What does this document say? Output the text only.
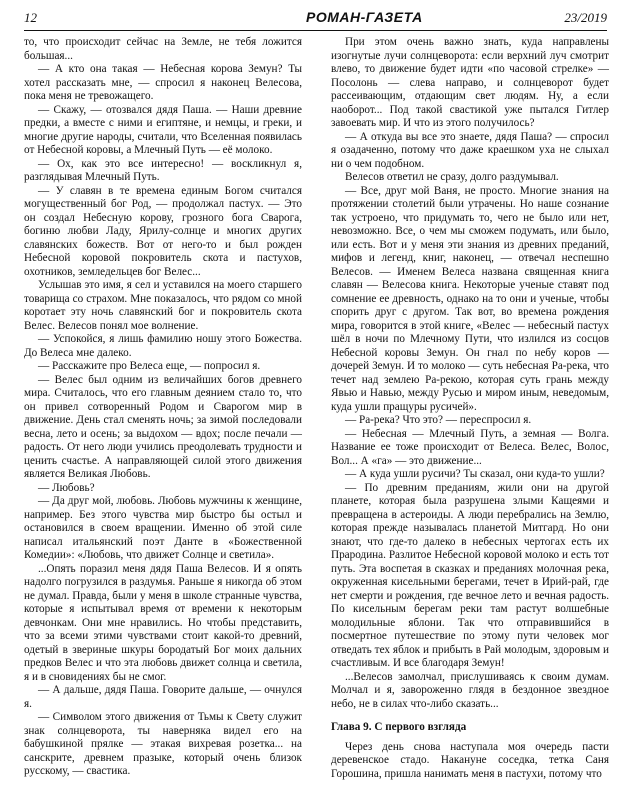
12	РОМАН-ГАЗЕТА	23/2019

то, что происходит сейчас на Земле, не тебя ложится большая...

— А кто она такая — Небесная корова Земун? Ты хотел рассказать мне, — спросил я наконец Велесова, пока меня не тревожащего.

— Скажу, — отозвался дядя Паша. — Наши древние предки, а вместе с ними и египтяне, и немцы, и греки, и многие другие народы, считали, что Вселенная появилась от Небесной коровы, а Млечный Путь — её молоко.

— Ох, как это все интересно! — воскликнул я, разглядывая Млечный Путь.

— У славян в те времена единым Богом считался могущественный бог Род, — продолжал пастух. — Это он создал Небесную корову, грозного бога Сварога, богиню любви Ладу, Ярилу-солнце и многих других славянских божеств. Вот от него-то и был рожден Небесной коровой покровитель скота и пастухов, охотников, земледельцев бог Велес...

Услышав это имя, я сел и уставился на моего старшего товарища со страхом. Мне показалось, что рядом со мной коротает эту ночь славянский бог и покровитель скота Велес. Велесов понял мое волнение.

— Успокойся, я лишь фамилию ношу этого Божества. До Велеса мне далеко.

— Расскажите про Велеса еще, — попросил я.

— Велес был одним из величайших богов древнего мира. Считалось, что его главным деянием стало то, что он привел сотворенный Родом и Сварогом мир в движение. День стал сменять ночь; за зимой последовали весна, лето и осень; за выдохом — вдох; после печали — радость. От него люди учились преодолевать трудности и ценить счастье. А направляющей силой этого движения является Великая Любовь.

— Любовь?

— Да друг мой, любовь. Любовь мужчины к женщине, например. Без этого чувства мир быстро бы остыл и остановился в своем вращении. Именно об этой силе написал итальянский поэт Данте в «Божественной Комедии»: «Любовь, что движет Солнце и светила».

...Опять поразил меня дядя Паша Велесов. И я опять надолго погрузился в раздумья. Раньше я никогда об этом не думал. Правда, были у меня в школе странные чувства, которые я испытывал время от времени к некоторым девчонкам. Они мне нравились. Но чтобы представить, что за всеми этими чувствами стоит какой-то древний, одетый в звериные шкуры бородатый Бог моих дальних предков Велес и что эта любовь движет солнца и светила, я и в сновидениях бы не смог.

— А дальше, дядя Паша. Говорите дальше, — очнулся я.

— Символом этого движения от Тьмы к Свету служит знак солнцеворота, ты наверняка видел его на бабушкиной прялке — этакая вихревая розетка... на санскрите, древнем празыке, который очень близок русскому, — свастика.

При этом очень важно знать, куда направлены изогнутые лучи солнцеворота: если верхний луч смотрит влево, то движение будет идти «по часовой стрелке» — Посолонь — слева направо, и солнцеворот будет рассеивающим, отдающим свет людям. Ну, а если наоборот... Под такой свастикой уже пытался Гитлер завоевать мир. И что из этого получилось?

— А откуда вы все это знаете, дядя Паша? — спросил я озадаченно, потому что даже краешком уха не слыхал ни о чем подобном.

Велесов ответил не сразу, долго раздумывал.

— Все, друг мой Ваня, не просто. Многие знания на протяжении столетий были утрачены. Но наше сознание так устроено, что придумать то, чего не было или нет, невозможно. Все, о чем мы сможем подумать, или было, или есть. Вот и у меня эти знания из древних преданий, мифов и легенд, книг, наконец, — отвечал неспешно Велесов. — Именем Велеса названа священная книга славян — Велесова книга. Некоторые ученые ставят под сомнение ее древность, однако на то они и ученые, чтобы спорить друг с другом. Так вот, во времена рождения мира, говорится в этой книге, «Велес — небесный пастух шёл в ночи по Млечному Пути, что излился из сосцов Небесной коровы Земун. Он гнал по небу коров — дочерей Земун. И то молоко — суть небесная Ра-река, что течет над землею Ра-рекою, которая суть грань между Явью и Навью, между Русью и миром иным, неведомым, куда ушли пращуры русичей».

— Ра-река? Что это? — переспросил я.

— Небесная — Млечный Путь, а земная — Волга. Название ее тоже происходит от Велеса. Велес, Волос, Вол... А «га» — это движение...

— А куда ушли русичи? Ты сказал, они куда-то ушли?

— По древним преданиям, жили они на другой планете, которая была разрушена злыми Кащеями и превращена в астероиды. А люди перебрались на Землю, которая прежде называлась планетой Митгард. Но они знают, что где-то далеко в небесных чертогах есть их Прародина. Разлитое Небесной коровой молоко и есть тот путь. Эта воспетая в сказках и преданиях молочная река, окруженная кисельными берегами, течет в Ирий-рай, где нет смерти и рождения, где вечное лето и вечная радость. По кисельным берегам реки там растут волшебные молодильные яблони. Так что отправившийся в посмертное путешествие по этому пути человек мог отведать тех яблок и прибыть в Рай молодым, здоровым и счастливым. И все благодаря Земун!

...Велесов замолчал, прислушиваясь к своим думам. Молчал и я, завороженно глядя в бездонное звездное небо, не в силах что-либо сказать...

Глава 9. С первого взгляда

Через день снова наступала моя очередь пасти деревенское стадо. Накануне соседка, тетка Саня Горошина, пришла нанимать меня в пастухи, потому что
